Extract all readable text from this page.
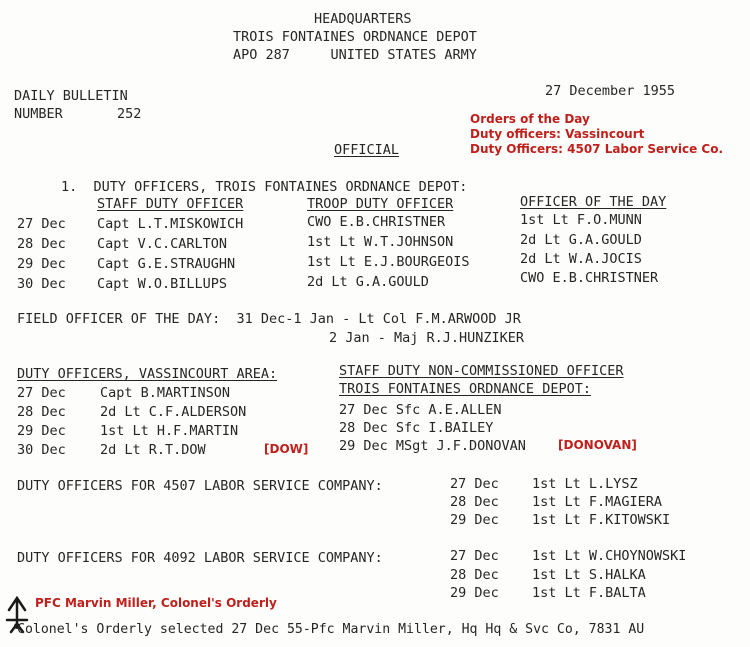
HEADQUARTERS
TROIS FONTAINES ORDNANCE DEPOT
APO 287     UNITED STATES ARMY
DAILY BULLETIN
NUMBER	252
27 December 1955
Orders of the Day
Duty officers: Vassincourt
Duty Officers: 4507 Labor Service Co.
OFFICIAL
1.  DUTY OFFICERS, TROIS FONTAINES ORDNANCE DEPOT:
STAFF DUTY OFFICER	TROOP DUTY OFFICER	OFFICER OF THE DAY
27 Dec Capt L.T.MISKOWICH	CWO E.B.CHRISTNER	1st Lt F.O.MUNN
28 Dec Capt V.C.CARLTON	1st Lt W.T.JOHNSON	2d Lt G.A.GOULD
29 Dec Capt G.E.STRAUGHN	1st Lt E.J.BOURGEOIS	2d Lt W.A.JOCIS
30 Dec Capt W.O.BILLUPS	2d Lt G.A.GOULD	CWO E.B.CHRISTNER
FIELD OFFICER OF THE DAY:  31 Dec-1 Jan - Lt Col F.M.ARWOOD JR
2 Jan - Maj R.J.HUNZIKER
DUTY OFFICERS, VASSINCOURT AREA:
27 Dec	Capt B.MARTINSON
28 Dec	2d Lt C.F.ALDERSON
29 Dec	1st Lt H.F.MARTIN
30 Dec	2d Lt R.T.DOW	[DOW]
STAFF DUTY NON-COMMISSIONED OFFICER
TROIS FONTAINES ORDNANCE DEPOT:
27 Dec Sfc A.E.ALLEN
28 Dec Sfc I.BAILEY
29 Dec MSgt J.F.DONOVAN	[DONOVAN]
DUTY OFFICERS FOR 4507 LABOR SERVICE COMPANY:	27 Dec 1st Lt L.LYSZ
28 Dec 1st Lt F.MAGIERA
29 Dec 1st Lt F.KITOWSKI
DUTY OFFICERS FOR 4092 LABOR SERVICE COMPANY:	27 Dec 1st Lt W.CHOYNOWSKI
28 Dec 1st Lt S.HALKA
29 Dec 1st Lt F.BALTA
PFC Marvin Miller, Colonel's Orderly
Colonel's Orderly selected 27 Dec 55-Pfc Marvin Miller, Hq Hq & Svc Co, 7831 AU
